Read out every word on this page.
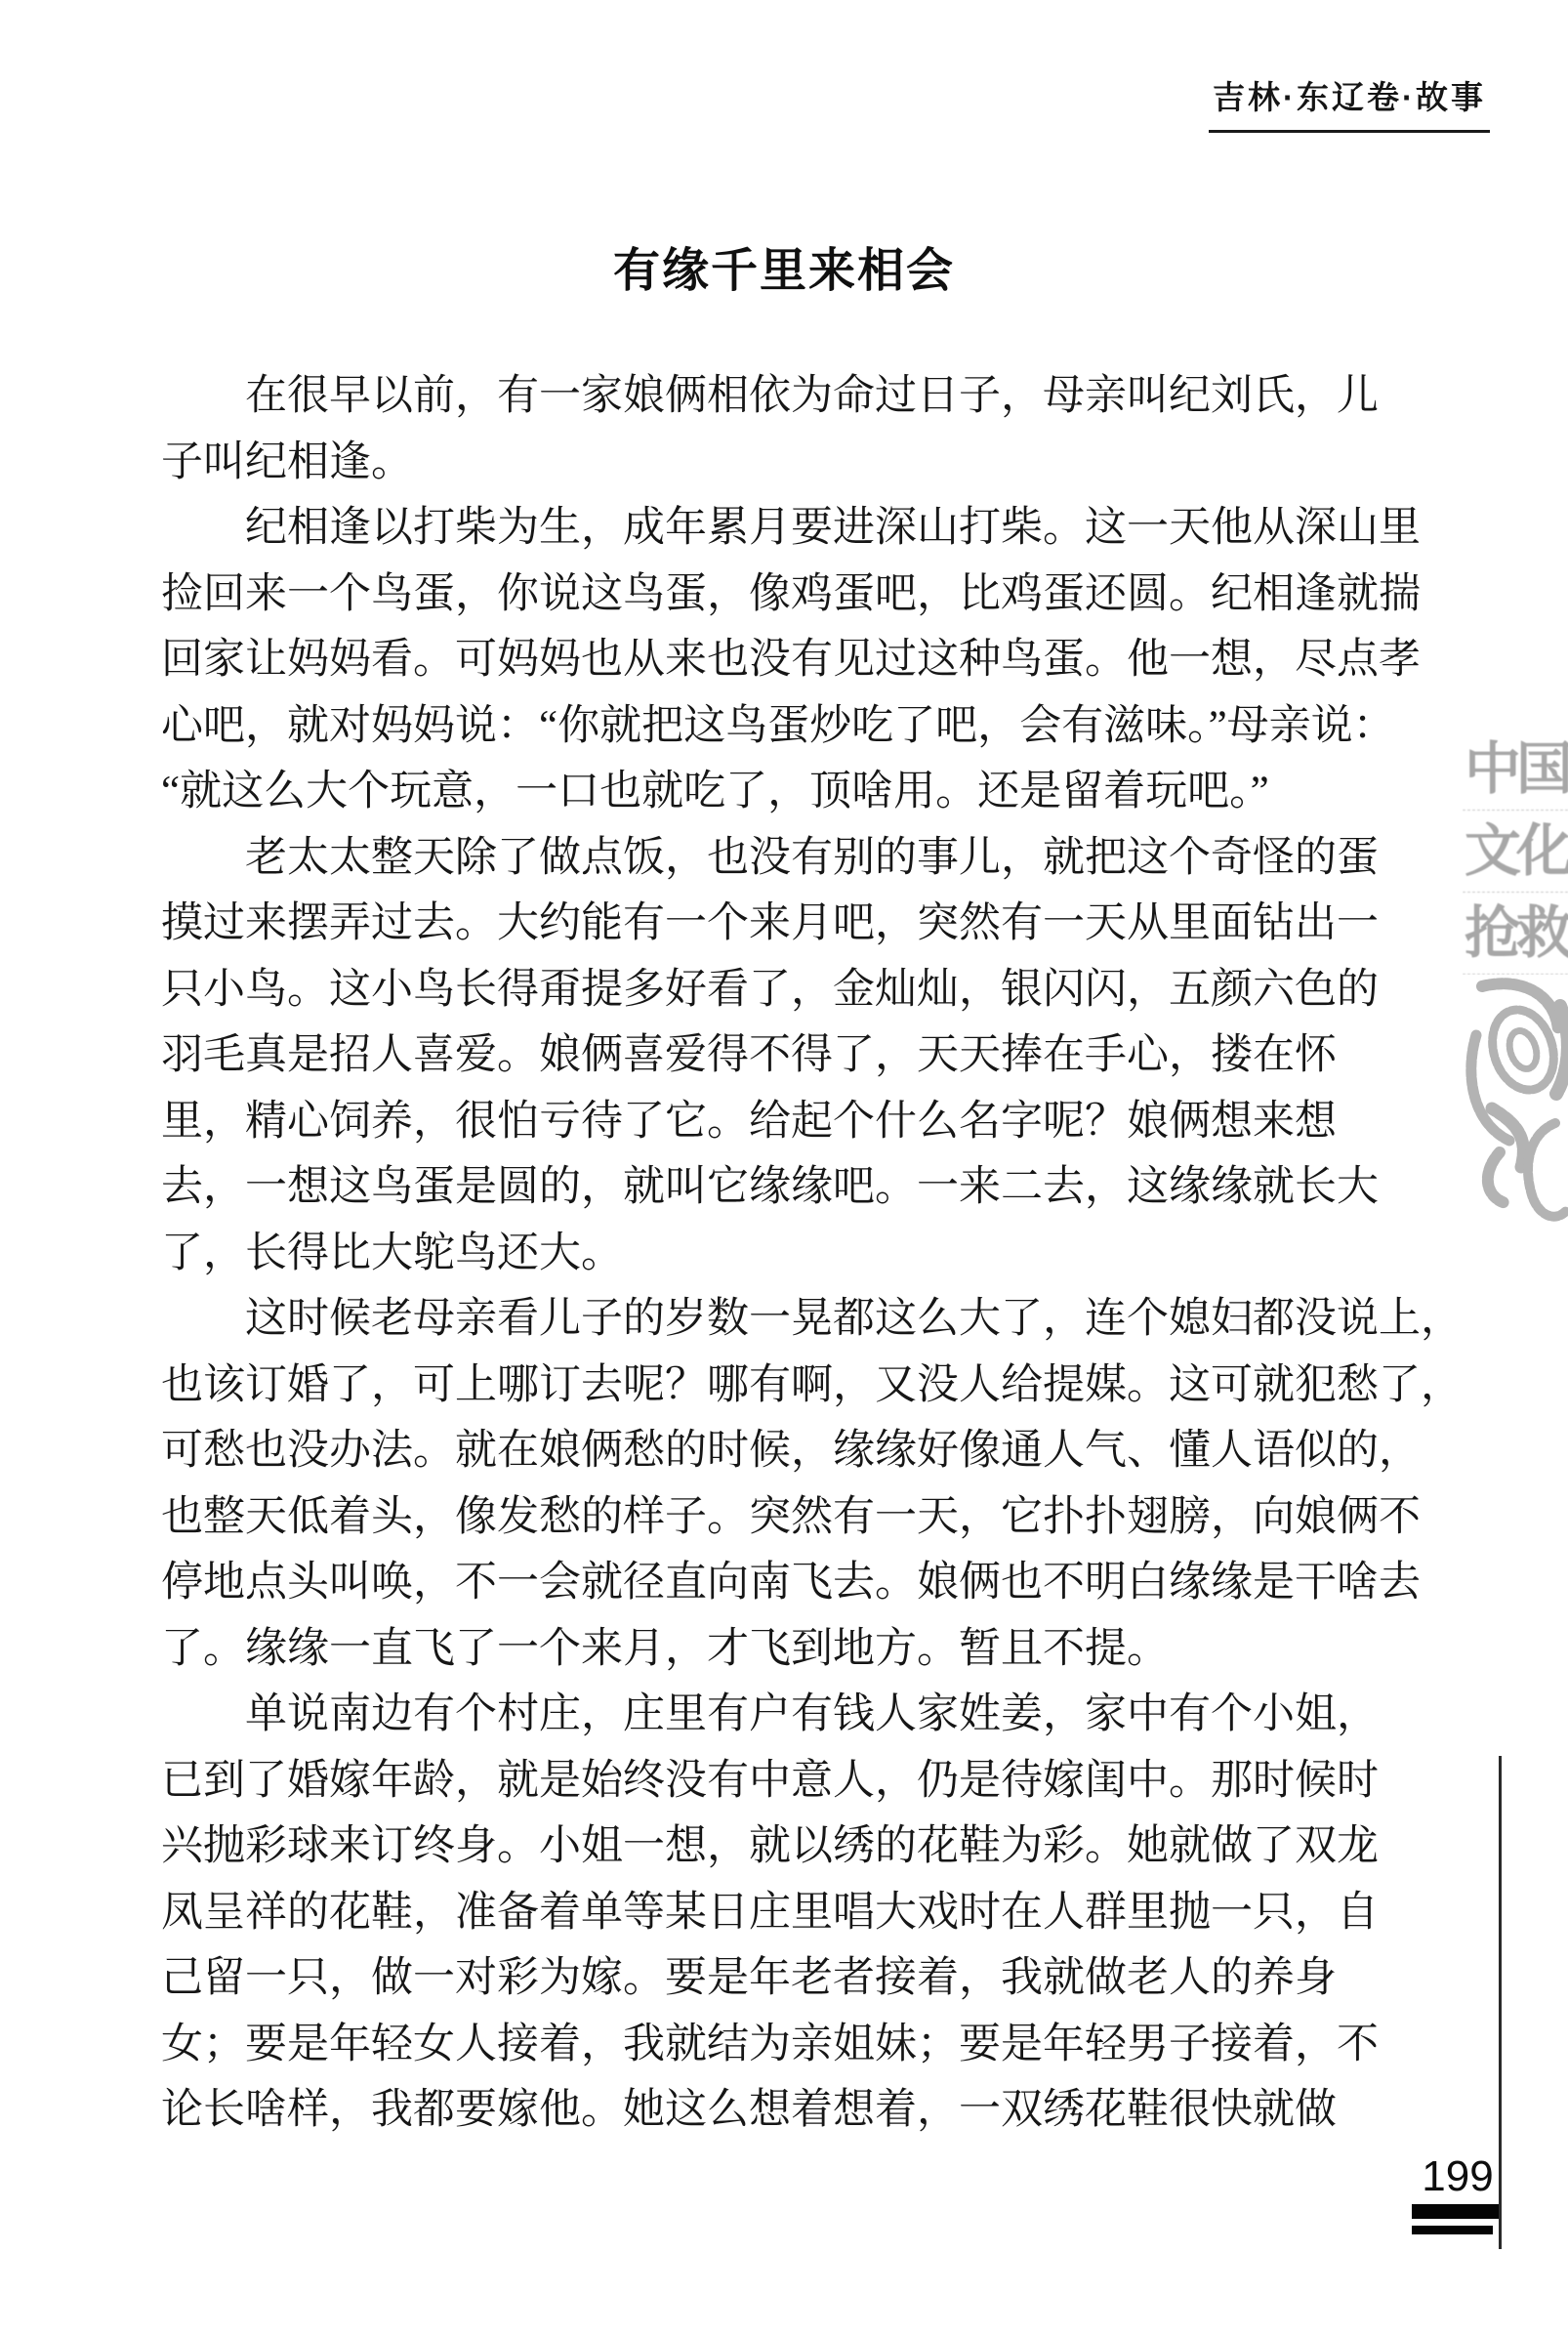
吉林·东辽卷·故事
有缘千里来相会
在很早以前，有一家娘俩相依为命过日子，母亲叫纪刘氏，儿
子叫纪相逢。
纪相逢以打柴为生，成年累月要进深山打柴。这一天他从深山里
捡回来一个鸟蛋，你说这鸟蛋，像鸡蛋吧，比鸡蛋还圆。纪相逢就揣
回家让妈妈看。可妈妈也从来也没有见过这种鸟蛋。他一想，尽点孝
心吧，就对妈妈说：“你就把这鸟蛋炒吃了吧，会有滋味。”母亲说：
“就这么大个玩意，一口也就吃了，顶啥用。还是留着玩吧。”
老太太整天除了做点饭，也没有别的事儿，就把这个奇怪的蛋
摸过来摆弄过去。大约能有一个来月吧，突然有一天从里面钻出一
只小鸟。这小鸟长得甭提多好看了，金灿灿，银闪闪，五颜六色的
羽毛真是招人喜爱。娘俩喜爱得不得了，天天捧在手心，搂在怀
里，精心饲养，很怕亏待了它。给起个什么名字呢？娘俩想来想
去，一想这鸟蛋是圆的，就叫它缘缘吧。一来二去，这缘缘就长大
了，长得比大鸵鸟还大。
这时候老母亲看儿子的岁数一晃都这么大了，连个媳妇都没说上，
也该订婚了，可上哪订去呢？哪有啊，又没人给提媒。这可就犯愁了，
可愁也没办法。就在娘俩愁的时候，缘缘好像通人气、懂人语似的，
也整天低着头，像发愁的样子。突然有一天，它扑扑翅膀，向娘俩不
停地点头叫唤，不一会就径直向南飞去。娘俩也不明白缘缘是干啥去
了。缘缘一直飞了一个来月，才飞到地方。暂且不提。
单说南边有个村庄，庄里有户有钱人家姓姜，家中有个小姐，
已到了婚嫁年龄，就是始终没有中意人，仍是待嫁闺中。那时候时
兴抛彩球来订终身。小姐一想，就以绣的花鞋为彩。她就做了双龙
凤呈祥的花鞋，准备着单等某日庄里唱大戏时在人群里抛一只，自
己留一只，做一对彩为嫁。要是年老者接着，我就做老人的养身
女；要是年轻女人接着，我就结为亲姐妹；要是年轻男子接着，不
论长啥样，我都要嫁他。她这么想着想着，一双绣花鞋很快就做
中国
文化
抢救
199
